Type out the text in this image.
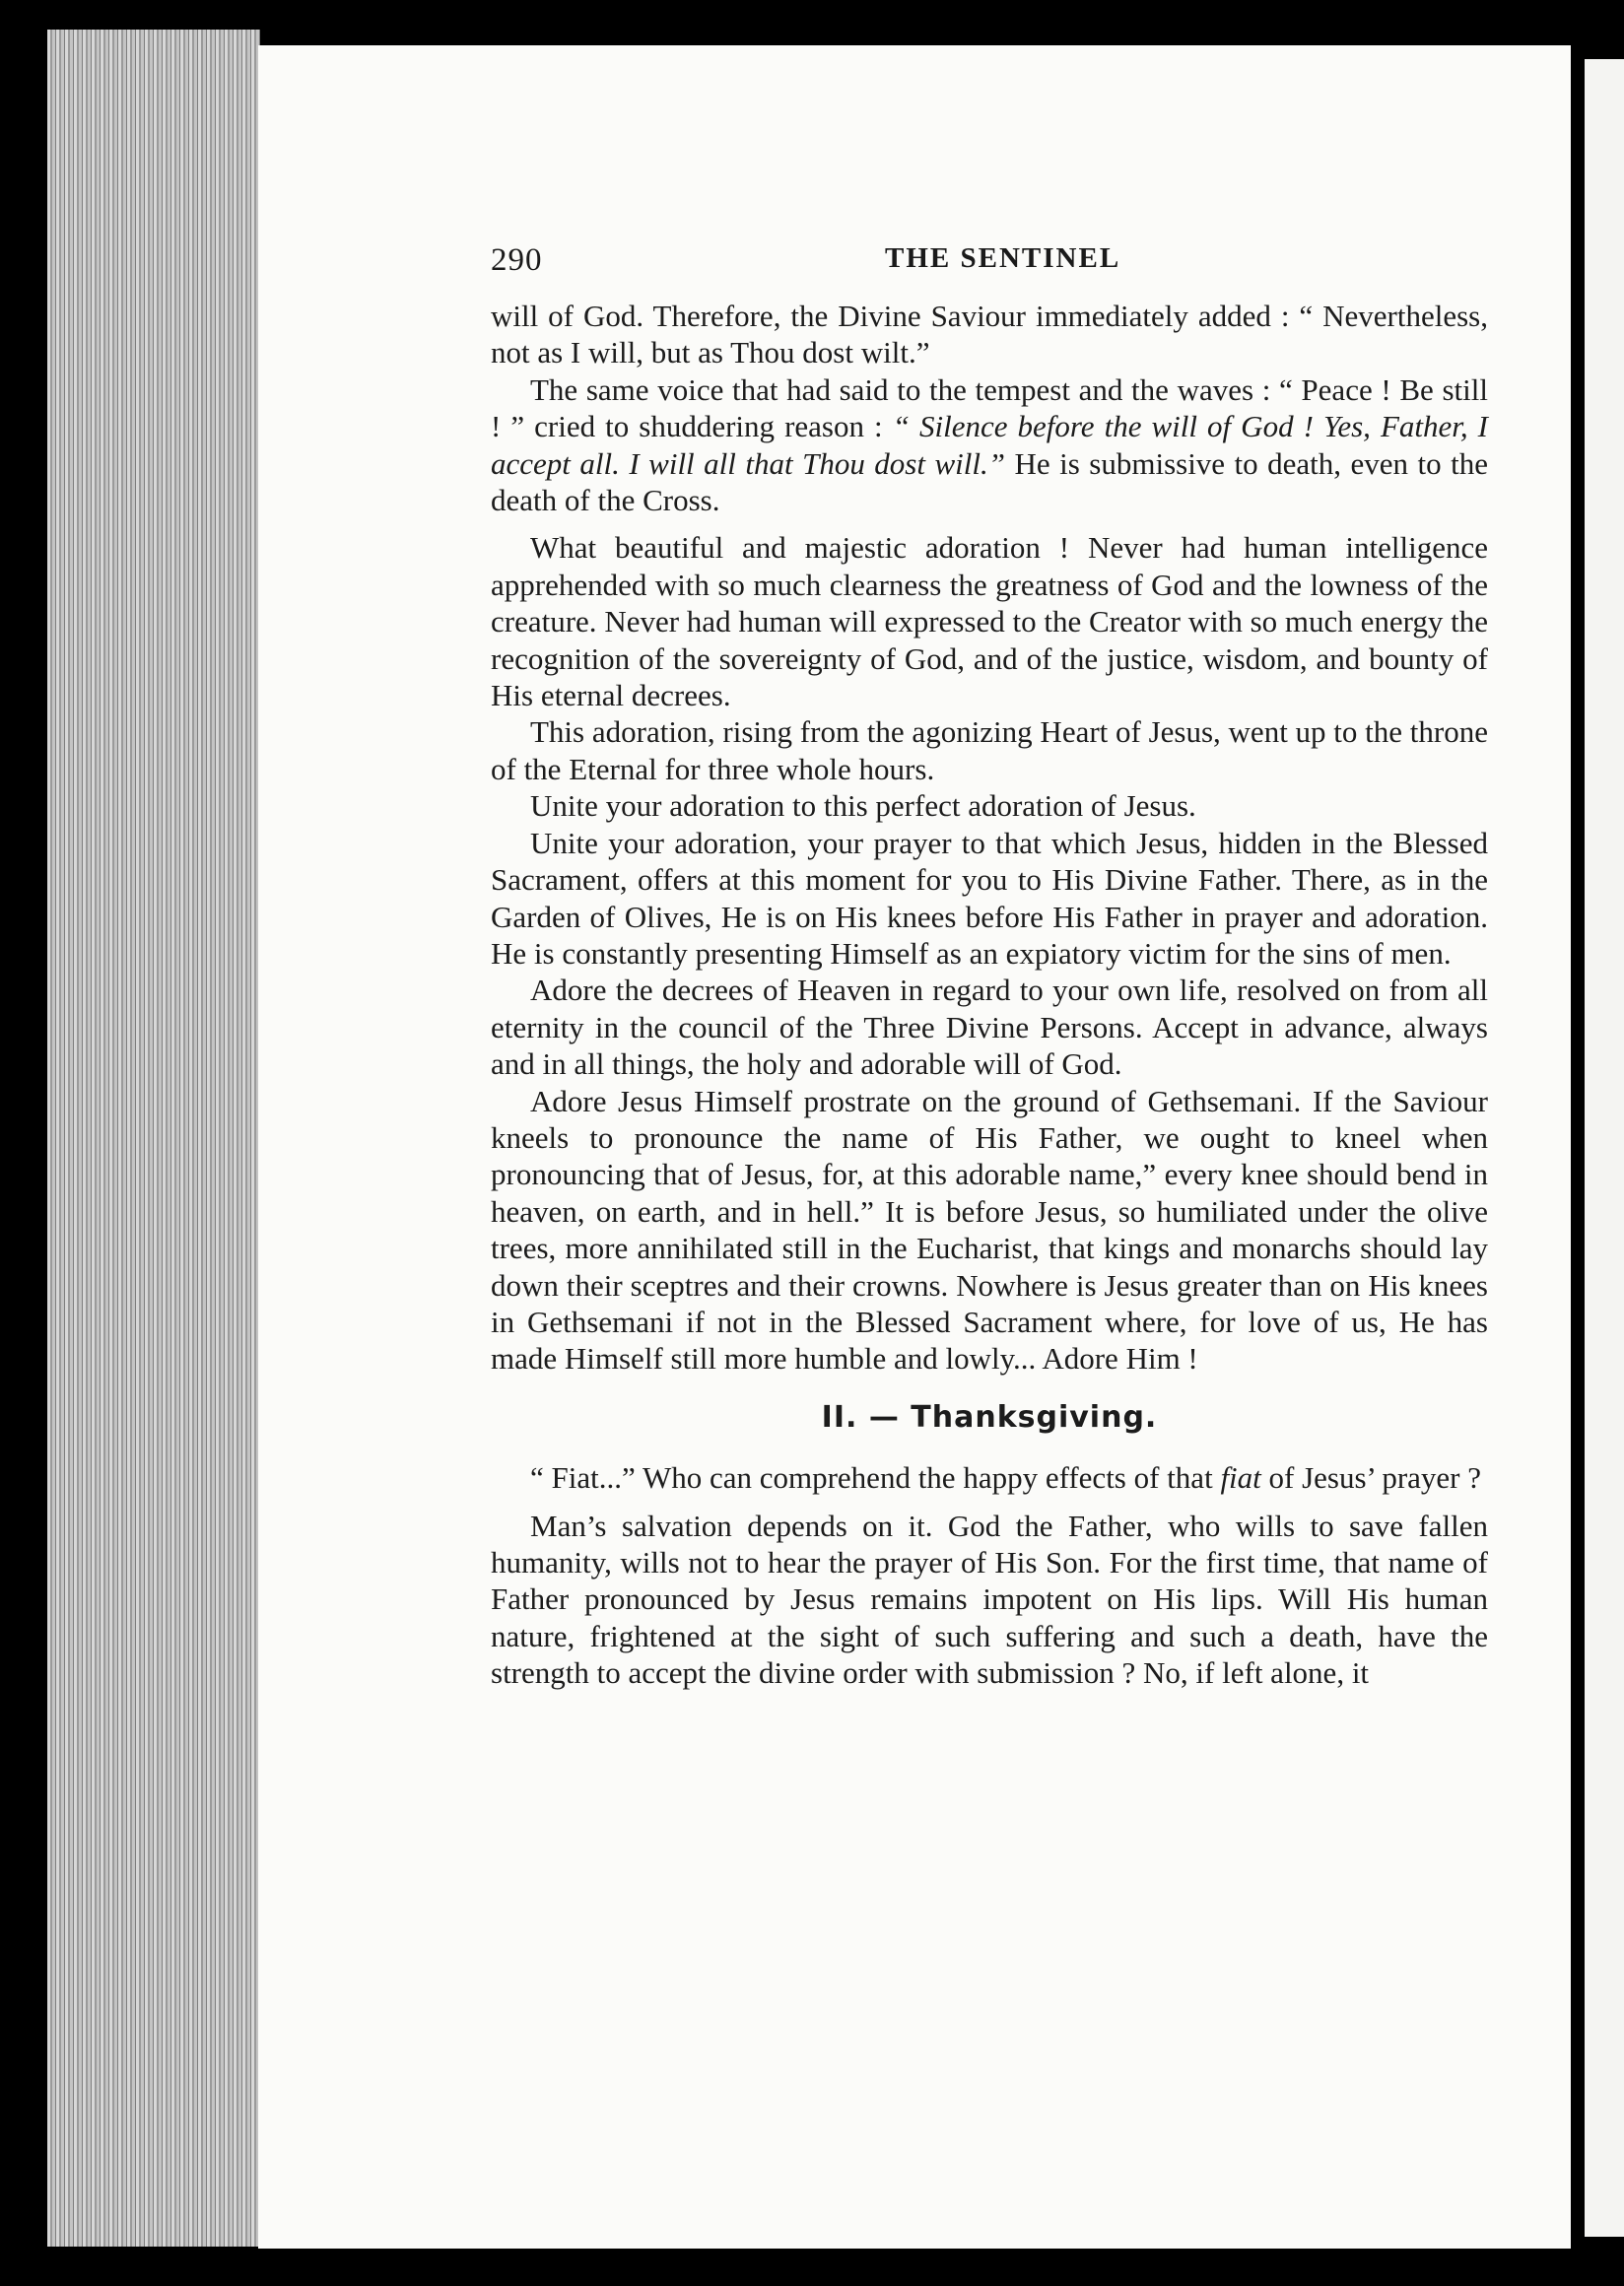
290	THE SENTINEL

will of God. Therefore, the Divine Saviour immediately added : “ Nevertheless, not as I will, but as Thou dost wilt.”

The same voice that had said to the tempest and the waves : “ Peace ! Be still ! ” cried to shuddering reason : “ Silence before the will of God ! Yes, Father, I accept all. I will all that Thou dost will.” He is submissive to death, even to the death of the Cross.

What beautiful and majestic adoration ! Never had human intelligence apprehended with so much clearness the greatness of God and the lowness of the creature. Never had human will expressed to the Creator with so much energy the recognition of the sovereignty of God, and of the justice, wisdom, and bounty of His eternal decrees.

This adoration, rising from the agonizing Heart of Jesus, went up to the throne of the Eternal for three whole hours.

Unite your adoration to this perfect adoration of Jesus.

Unite your adoration, your prayer to that which Jesus, hidden in the Blessed Sacrament, offers at this moment for you to His Divine Father. There, as in the Garden of Olives, He is on His knees before His Father in prayer and adoration. He is constantly presenting Himself as an expiatory victim for the sins of men.

Adore the decrees of Heaven in regard to your own life, resolved on from all eternity in the council of the Three Divine Persons. Accept in advance, always and in all things, the holy and adorable will of God.

Adore Jesus Himself prostrate on the ground of Gethsemani. If the Saviour kneels to pronounce the name of His Father, we ought to kneel when pronouncing that of Jesus, for, at this adorable name,” every knee should bend in heaven, on earth, and in hell.” It is before Jesus, so humiliated under the olive trees, more annihilated still in the Eucharist, that kings and monarchs should lay down their sceptres and their crowns. Nowhere is Jesus greater than on His knees in Gethsemani if not in the Blessed Sacrament where, for love of us, He has made Himself still more humble and lowly... Adore Him !

II. — Thanksgiving.

“ Fiat...” Who can comprehend the happy effects of that fiat of Jesus’ prayer ?

Man’s salvation depends on it. God the Father, who wills to save fallen humanity, wills not to hear the prayer of His Son. For the first time, that name of Father pronounced by Jesus remains impotent on His lips. Will His human nature, frightened at the sight of such suffering and such a death, have the strength to accept the divine order with submission ? No, if left alone, it
